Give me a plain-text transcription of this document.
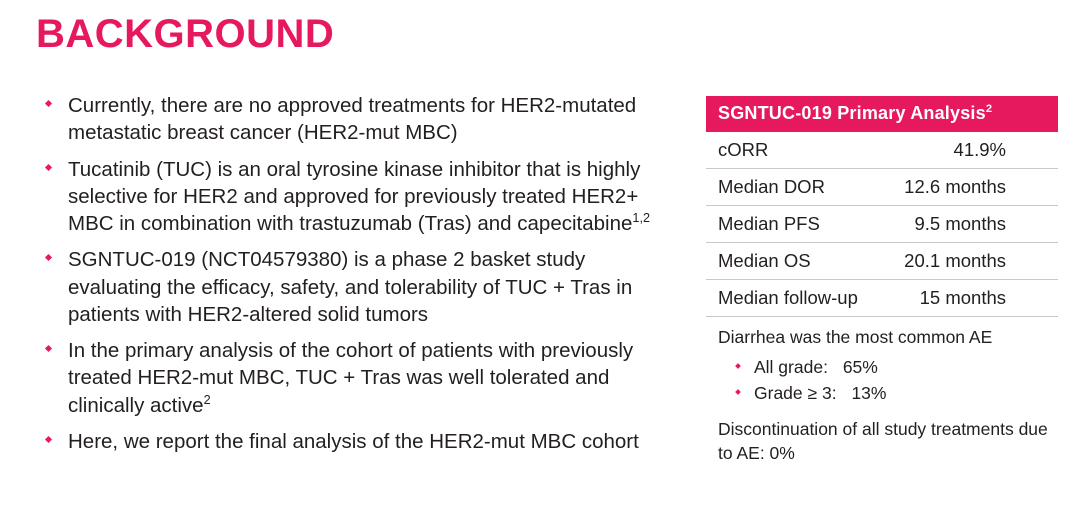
BACKGROUND
Currently, there are no approved treatments for HER2-mutated metastatic breast cancer (HER2-mut MBC)
Tucatinib (TUC) is an oral tyrosine kinase inhibitor that is highly selective for HER2 and approved for previously treated HER2+ MBC in combination with trastuzumab (Tras) and capecitabine$^{1,2}$
SGNTUC-019 (NCT04579380) is a phase 2 basket study evaluating the efficacy, safety, and tolerability of TUC + Tras in patients with HER2-altered solid tumors
In the primary analysis of the cohort of patients with previously treated HER2-mut MBC, TUC + Tras was well tolerated and clinically active$^2$
Here, we report the final analysis of the HER2-mut MBC cohort
SGNTUC-019 Primary Analysis$^2$
cORR	41.9%
Median DOR	12.6 months
Median PFS	9.5 months
Median OS	20.1 months
Median follow-up	15 months
Diarrhea was the most common AE
All grade: 65%
Grade ≥ 3: 13%
Discontinuation of all study treatments due to AE: 0%
